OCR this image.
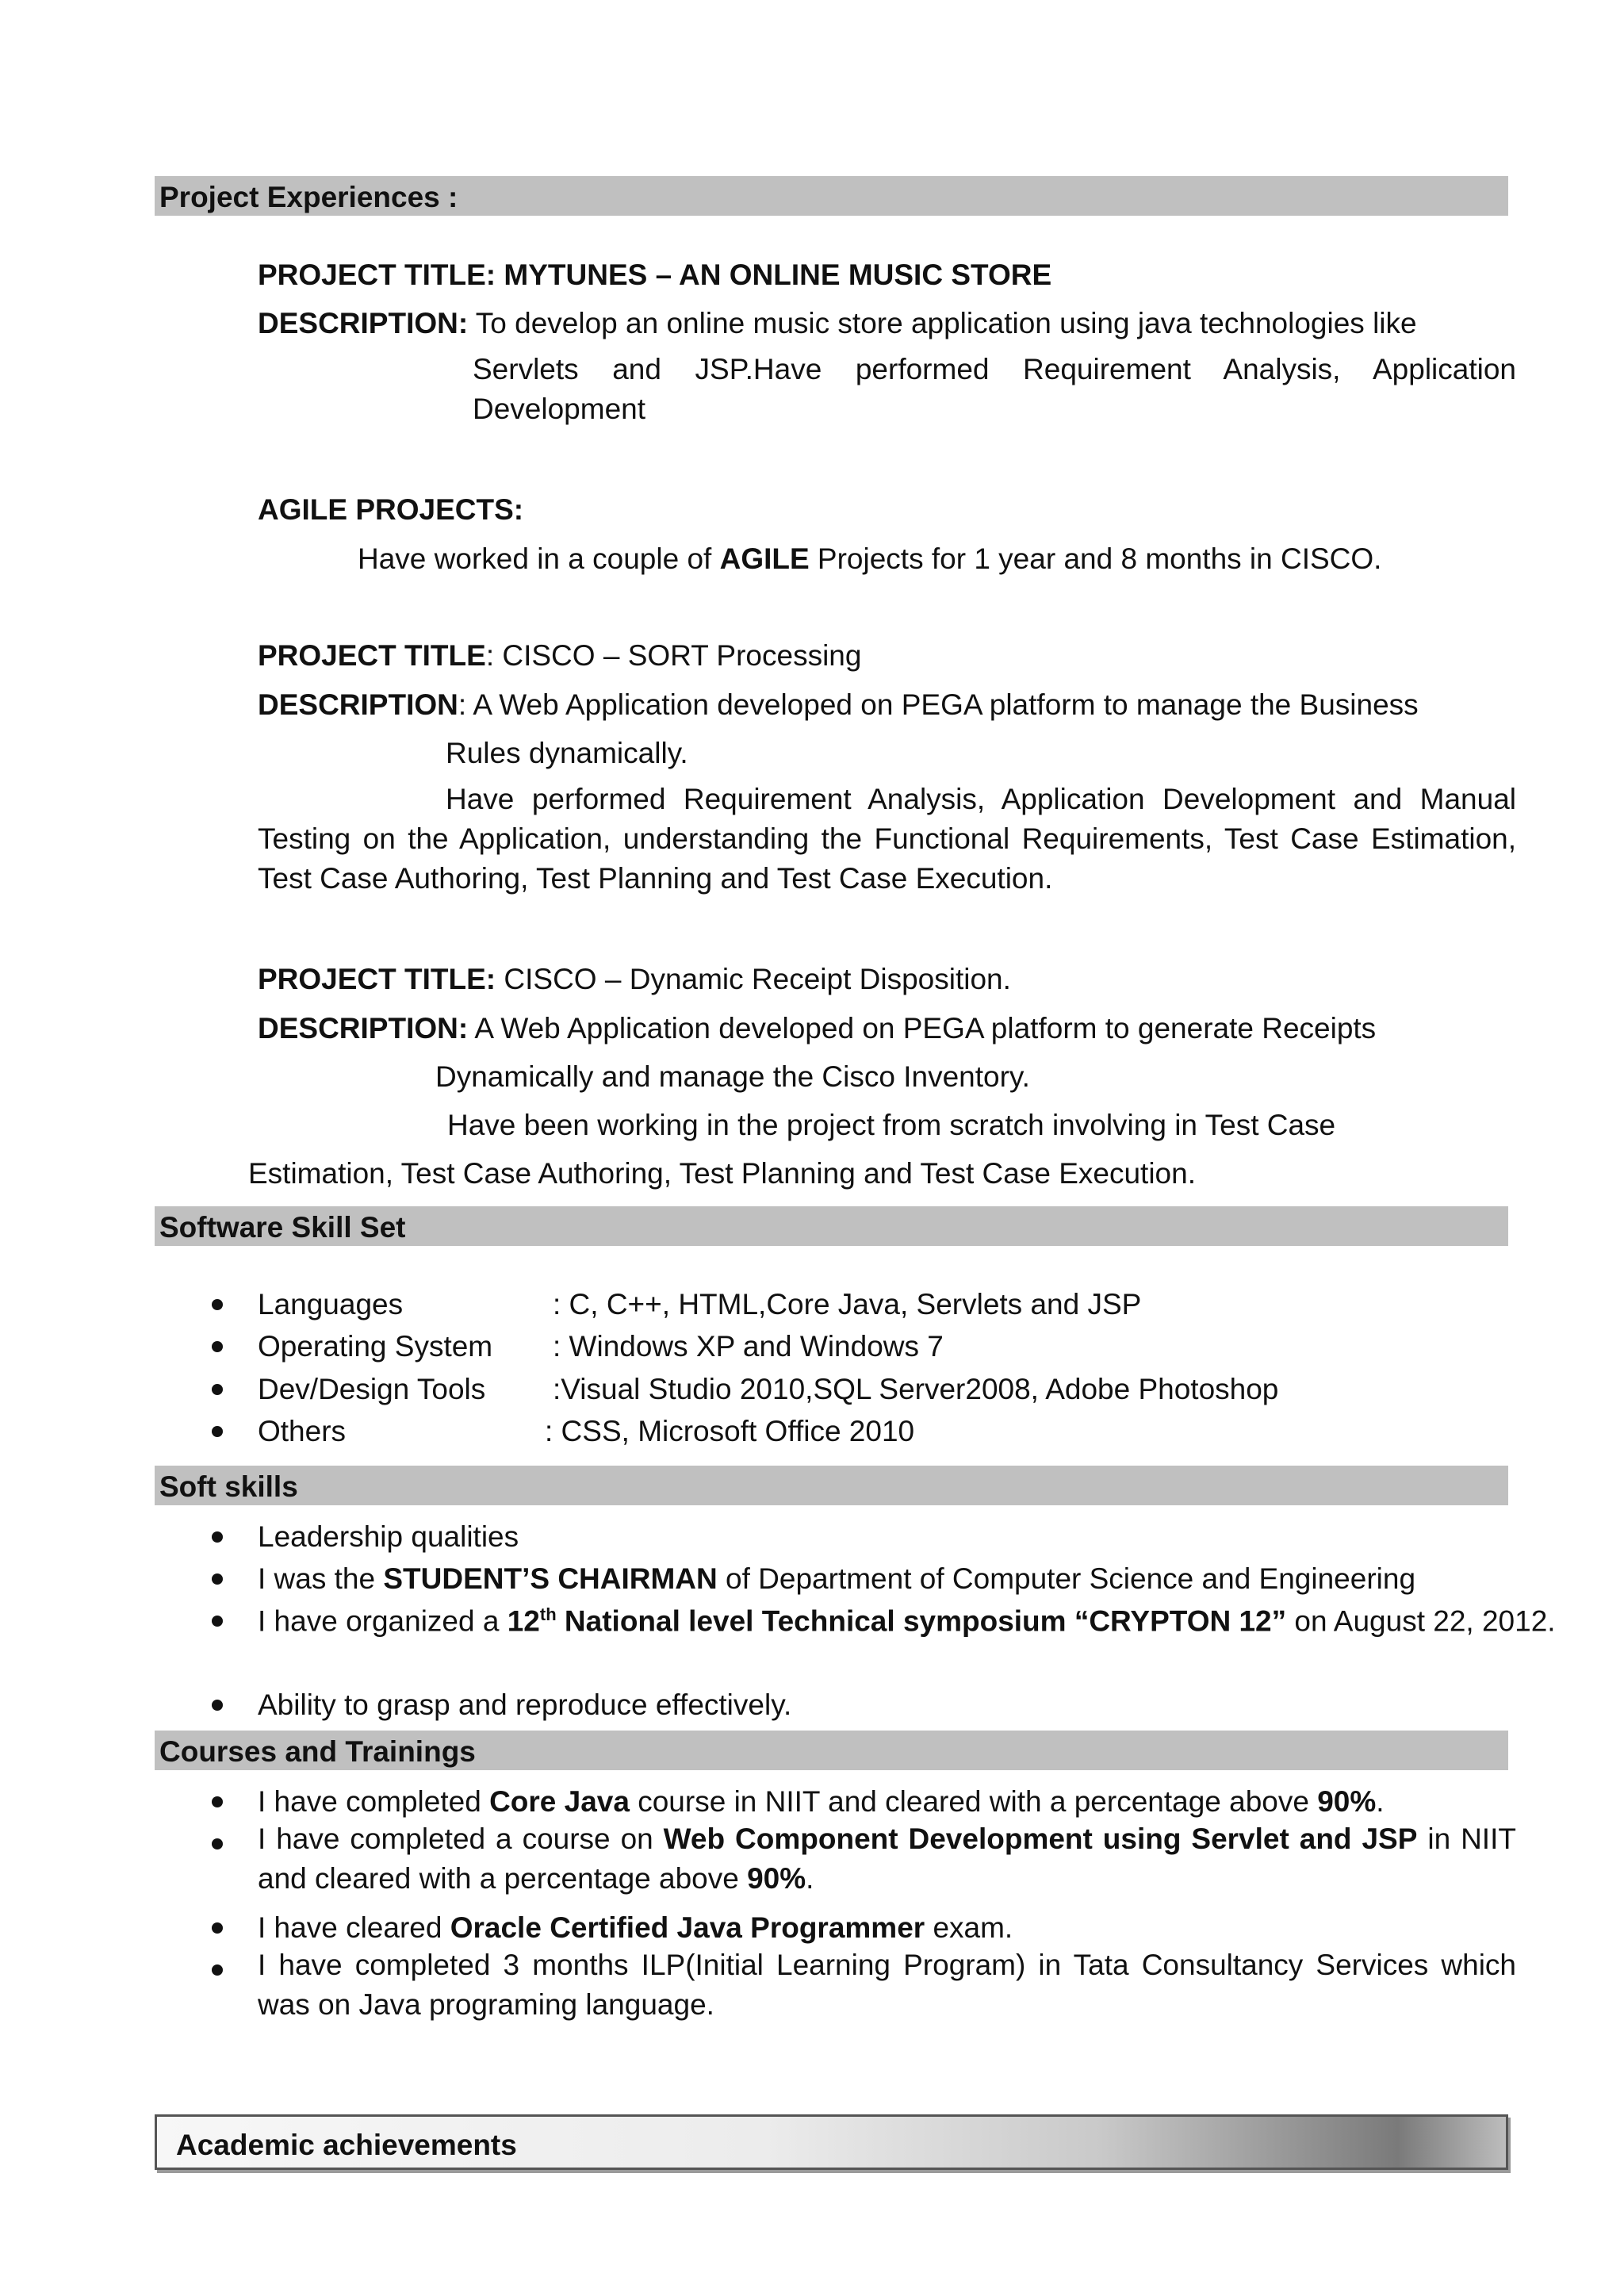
Project Experiences :
PROJECT TITLE: MYTUNES – AN ONLINE MUSIC STORE
DESCRIPTION: To develop an online music store application using java technologies like
Servlets and JSP.Have performed Requirement Analysis, Application Development
AGILE PROJECTS:
Have worked in a couple of AGILE Projects for 1 year and 8 months in CISCO.
PROJECT TITLE: CISCO – SORT Processing
DESCRIPTION: A Web Application developed on PEGA platform to manage the Business
Rules dynamically.
Have performed Requirement Analysis, Application Development and Manual Testing on the Application, understanding the Functional Requirements, Test Case Estimation, Test Case Authoring, Test Planning and Test Case Execution.
PROJECT TITLE: CISCO – Dynamic Receipt Disposition.
DESCRIPTION: A Web Application developed on PEGA platform to generate Receipts
Dynamically and manage the Cisco Inventory.
Have been working in the project from scratch involving in Test Case
Estimation, Test Case Authoring, Test Planning and Test Case Execution.
Software Skill Set
Languages	: C, C++, HTML,Core Java, Servlets and JSP
Operating System : Windows XP and Windows 7
Dev/Design Tools :Visual Studio 2010,SQL Server2008, Adobe Photoshop
Others	: CSS, Microsoft Office 2010
Soft skills
Leadership qualities
I was the STUDENT’S CHAIRMAN of Department of Computer Science and Engineering
I have organized a 12th National level Technical symposium “CRYPTON 12” on August 22, 2012.
Ability to grasp and reproduce effectively.
Courses and Trainings
I have completed Core Java course in NIIT and cleared with a percentage above 90%.
I have completed a course on Web Component Development using Servlet and JSP in NIIT and cleared with a percentage above 90%.
I have cleared Oracle Certified Java Programmer exam.
I have completed 3 months ILP(Initial Learning Program) in Tata Consultancy Services which was on Java programing language.
Academic achievements
